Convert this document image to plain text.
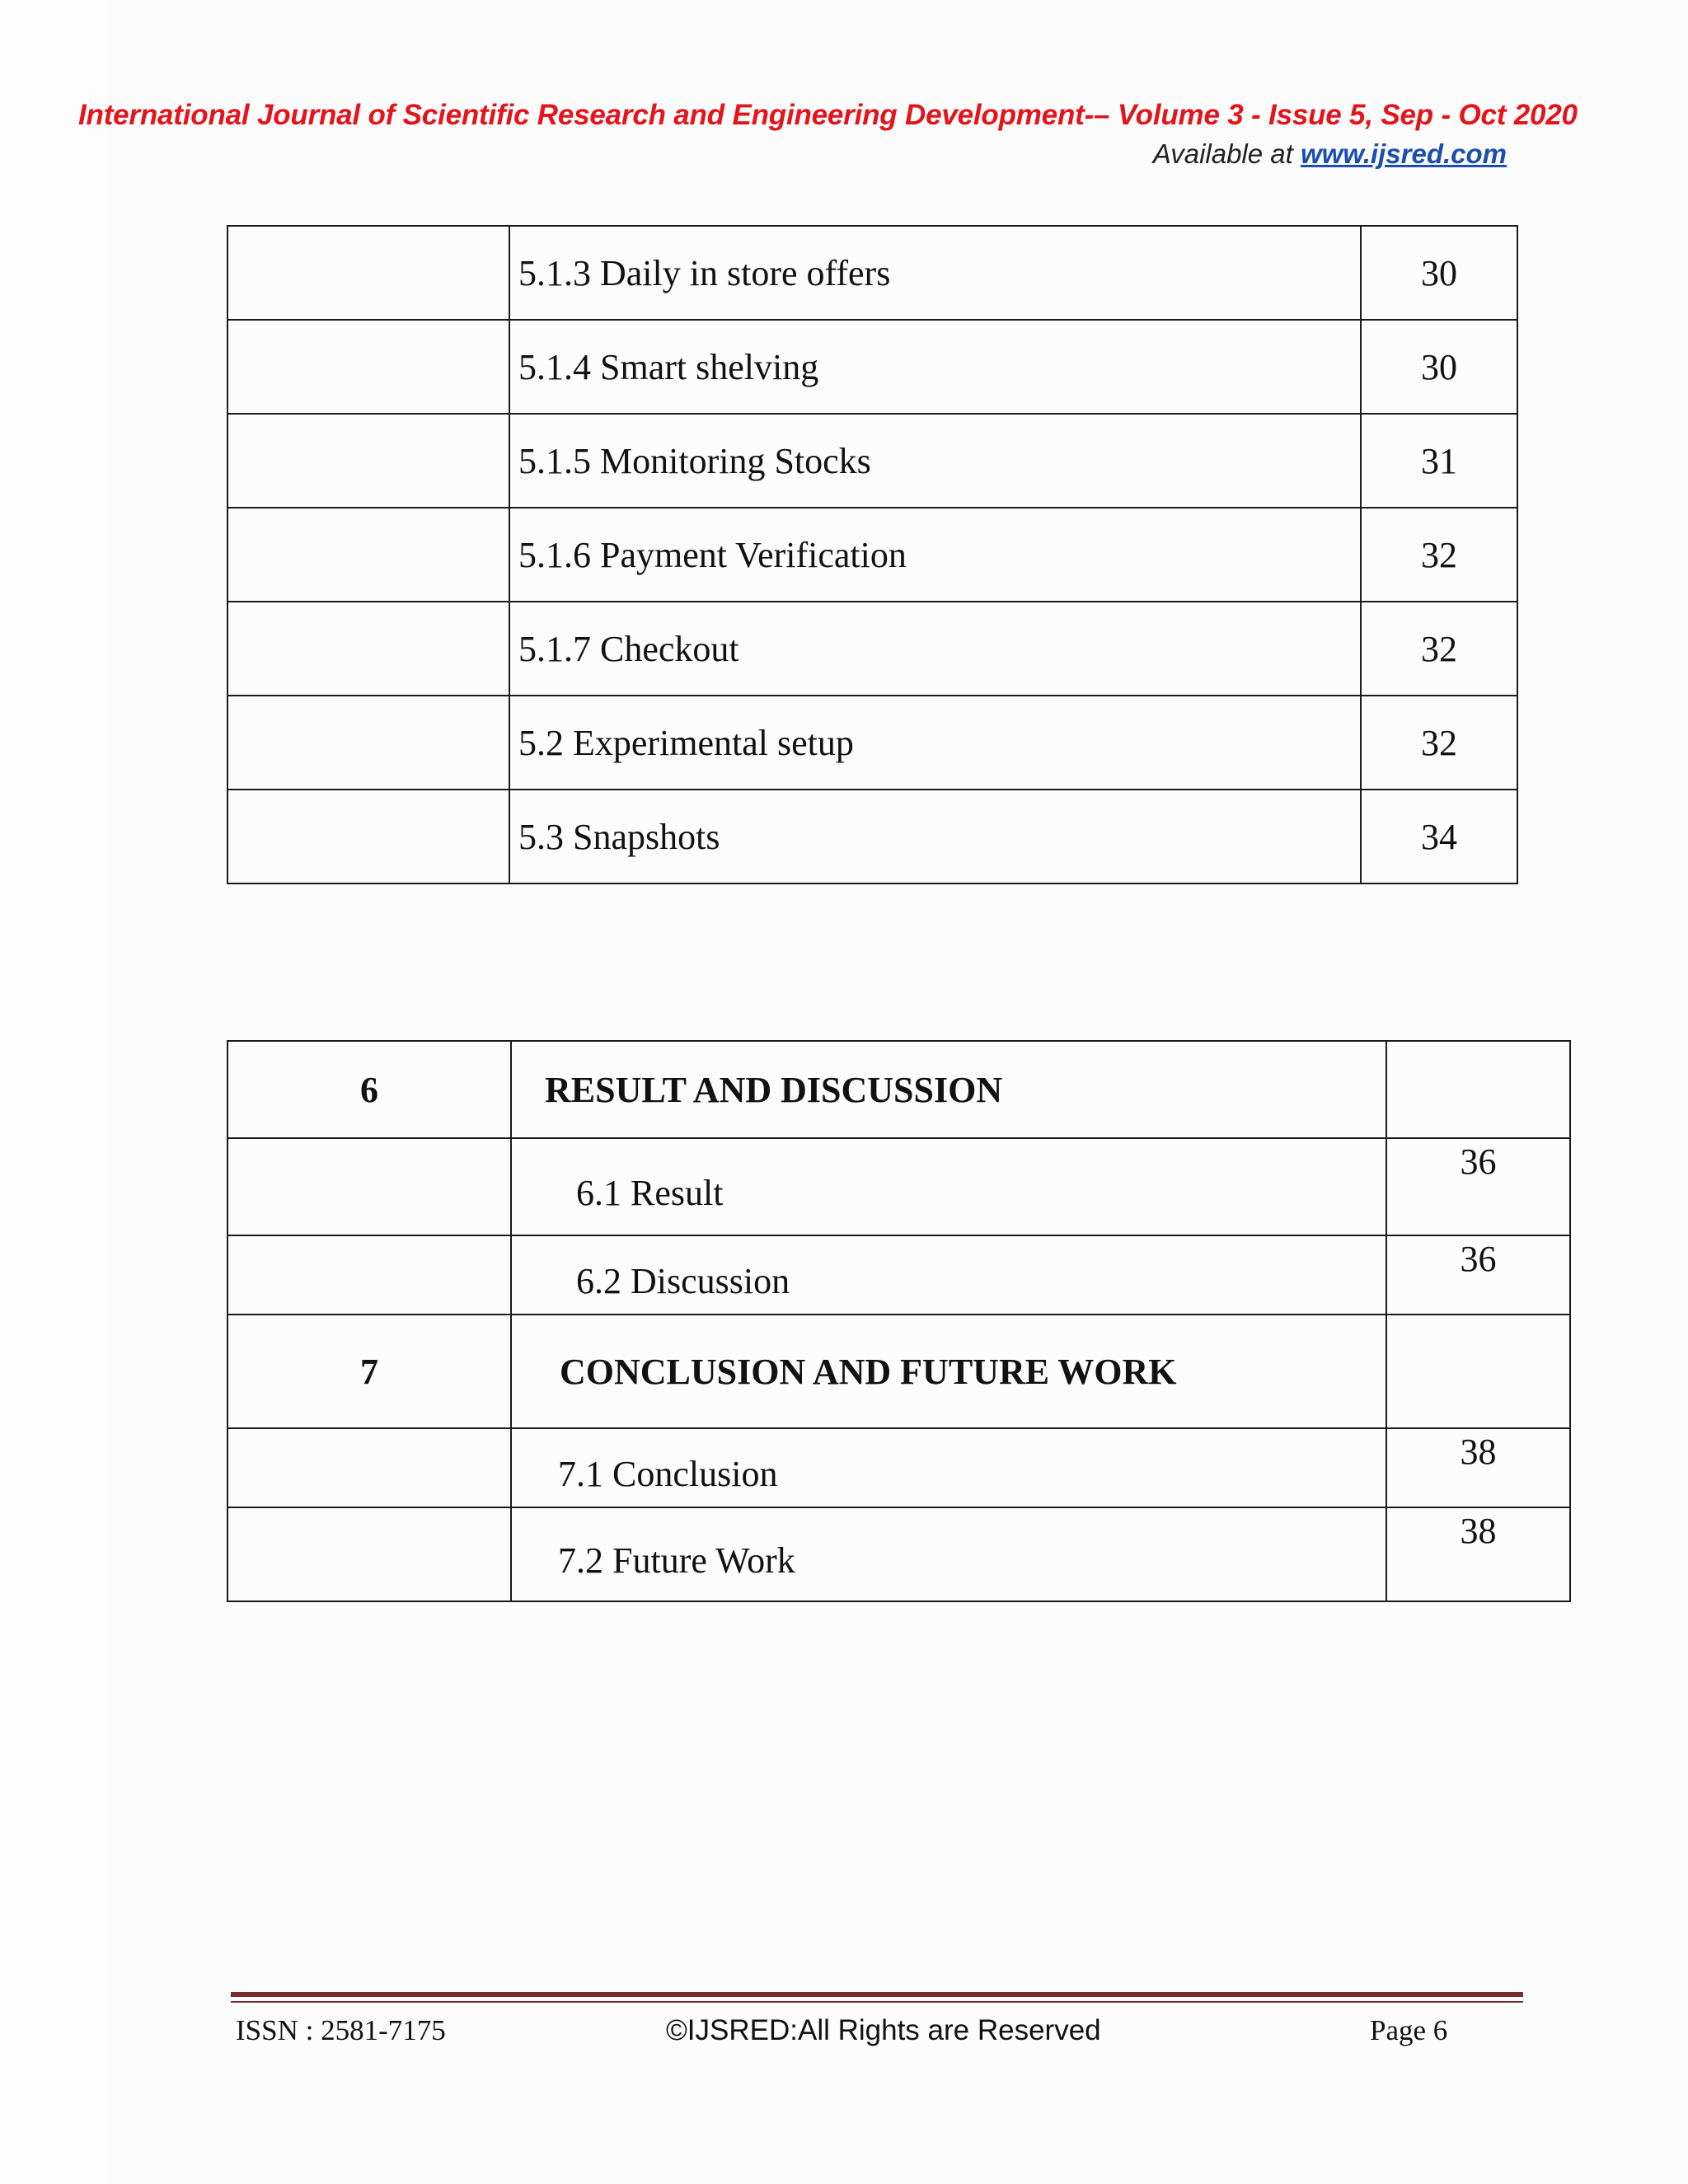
International Journal of Scientific Research and Engineering Development-– Volume 3 - Issue 5, Sep - Oct 2020
Available at www.ijsred.com
	5.1.3 Daily in store offers	30
	5.1.4 Smart shelving	30
	5.1.5 Monitoring Stocks	31
	5.1.6 Payment Verification	32
	5.1.7 Checkout	32
	5.2 Experimental setup	32
	5.3 Snapshots	34
6	RESULT AND DISCUSSION	
	6.1 Result	36
	6.2 Discussion	36
7	CONCLUSION AND FUTURE WORK	
	7.1 Conclusion	38
	7.2 Future Work	38
ISSN : 2581-7175	©IJSRED:All Rights are Reserved	Page 6
